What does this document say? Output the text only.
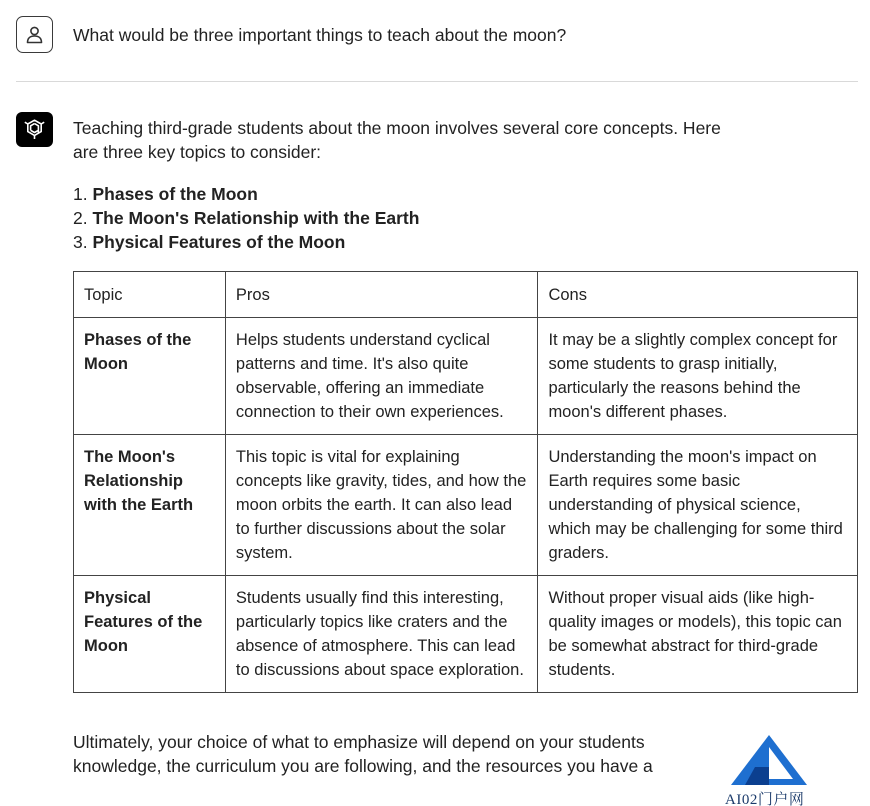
What would be three important things to teach about the moon?
Teaching third-grade students about the moon involves several core concepts. Here
are three key topics to consider:
1. Phases of the Moon
2. The Moon's Relationship with the Earth
3. Physical Features of the Moon
Topic	Pros	Cons
Phases of the Moon	Helps students understand cyclical patterns and time. It's also quite observable, offering an immediate connection to their own experiences.	It may be a slightly complex concept for some students to grasp initially, particularly the reasons behind the moon's different phases.
The Moon's Relationship with the Earth	This topic is vital for explaining concepts like gravity, tides, and how the moon orbits the earth. It can also lead to further discussions about the solar system.	Understanding the moon's impact on Earth requires some basic understanding of physical science, which may be challenging for some third graders.
Physical Features of the Moon	Students usually find this interesting, particularly topics like craters and the absence of atmosphere. This can lead to discussions about space exploration.	Without proper visual aids (like high-quality images or models), this topic can be somewhat abstract for third-grade students.
Ultimately, your choice of what to emphasize will depend on your students
knowledge, the curriculum you are following, and the resources you have a
AI02门户网
